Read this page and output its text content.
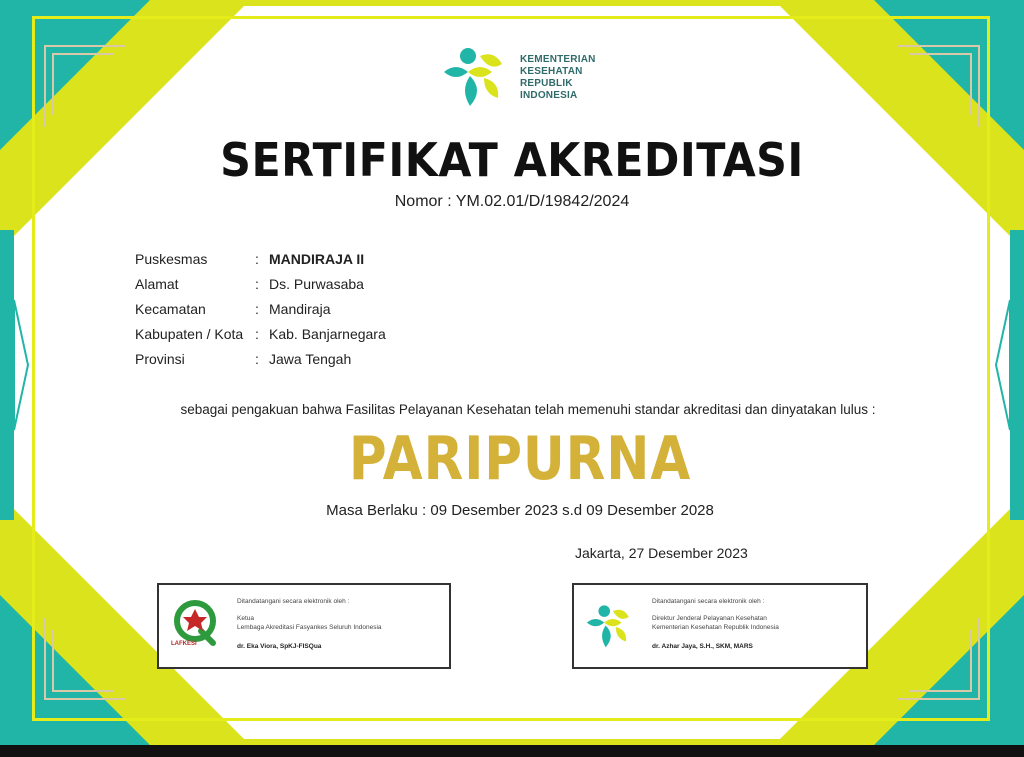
KEMENTERIAN
KESEHATAN
REPUBLIK
INDONESIA
SERTIFIKAT AKREDITASI
Nomor : YM.02.01/D/19842/2024
Puskesmas	: MANDIRAJA II
Alamat	: Ds. Purwasaba
Kecamatan	: Mandiraja
Kabupaten / Kota : Kab. Banjarnegara
Provinsi	: Jawa Tengah
sebagai pengakuan bahwa Fasilitas Pelayanan Kesehatan telah memenuhi standar akreditasi dan dinyatakan lulus :
PARIPURNA
Masa Berlaku : 09 Desember 2023 s.d 09 Desember 2028
Jakarta, 27 Desember 2023
LAFKESI
Ditandatangani secara elektronik oleh :
Ketua
Lembaga Akreditasi Fasyankes Seluruh Indonesia
dr. Eka Viora, SpKJ-FISQua
Ditandatangani secara elektronik oleh :
Direktur Jenderal Pelayanan Kesehatan
Kementerian Kesehatan Republik Indonesia
dr. Azhar Jaya, S.H., SKM, MARS
